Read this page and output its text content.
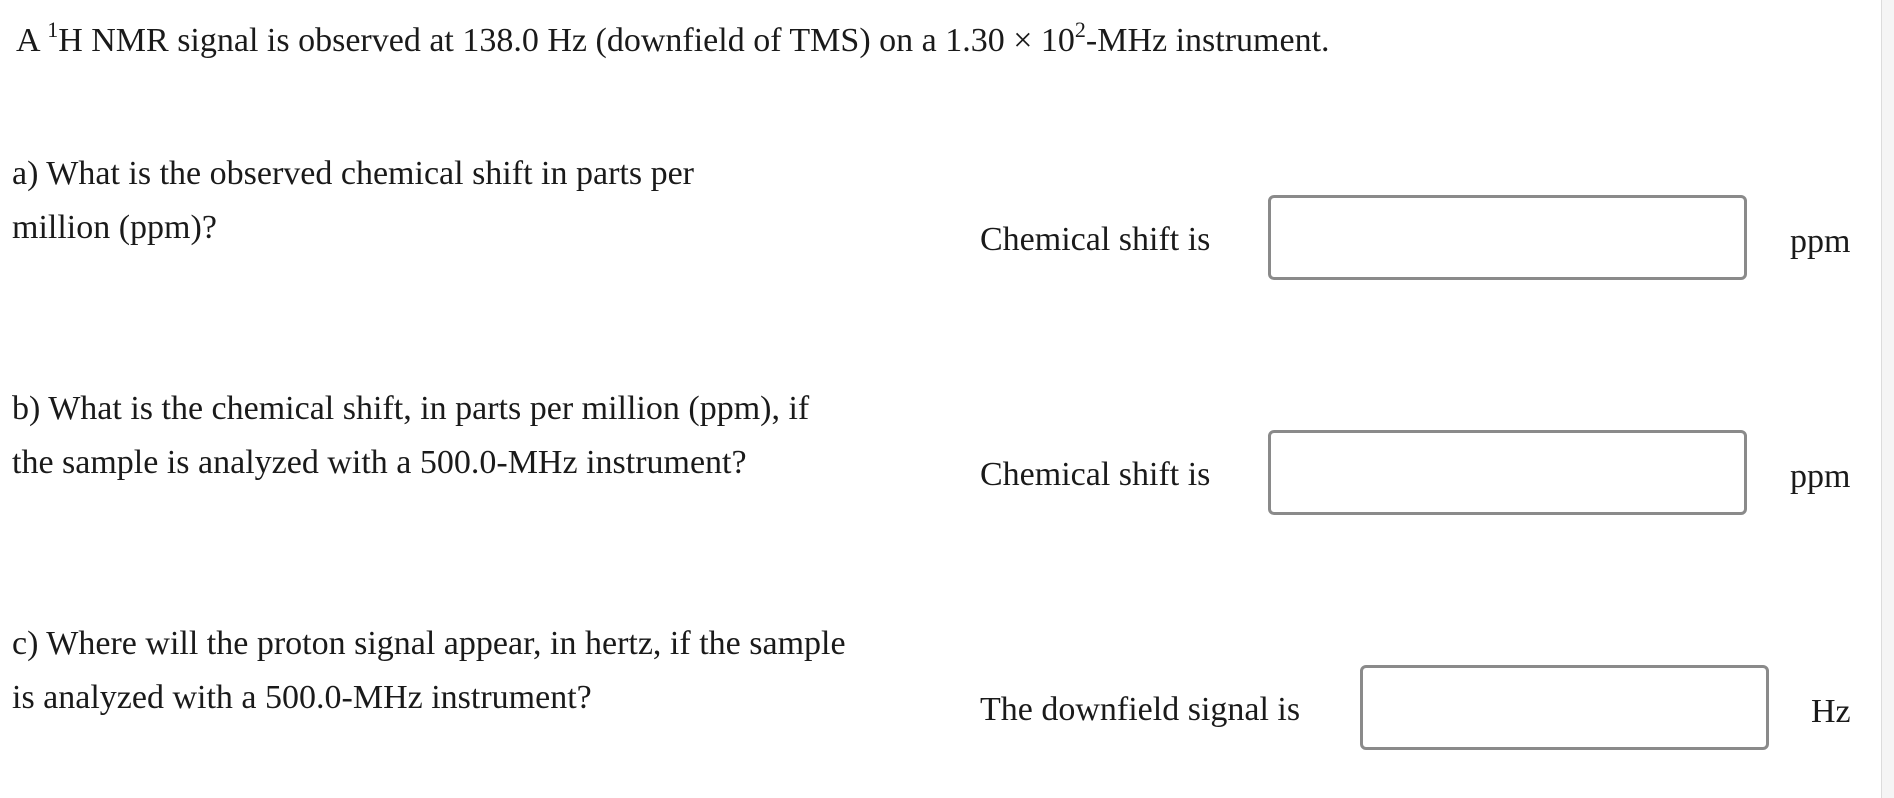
A $^1$H NMR signal is observed at 138.0 Hz (downfield of TMS) on a $1.30 \times 10^2$-MHz instrument.
a) What is the observed chemical shift in parts per
million (ppm)?	Chemical shift is	ppm
b) What is the chemical shift, in parts per million (ppm), if
the sample is analyzed with a 500.0-MHz instrument?	Chemical shift is	ppm
c) Where will the proton signal appear, in hertz, if the sample
is analyzed with a 500.0-MHz instrument?	The downfield signal is	Hz
